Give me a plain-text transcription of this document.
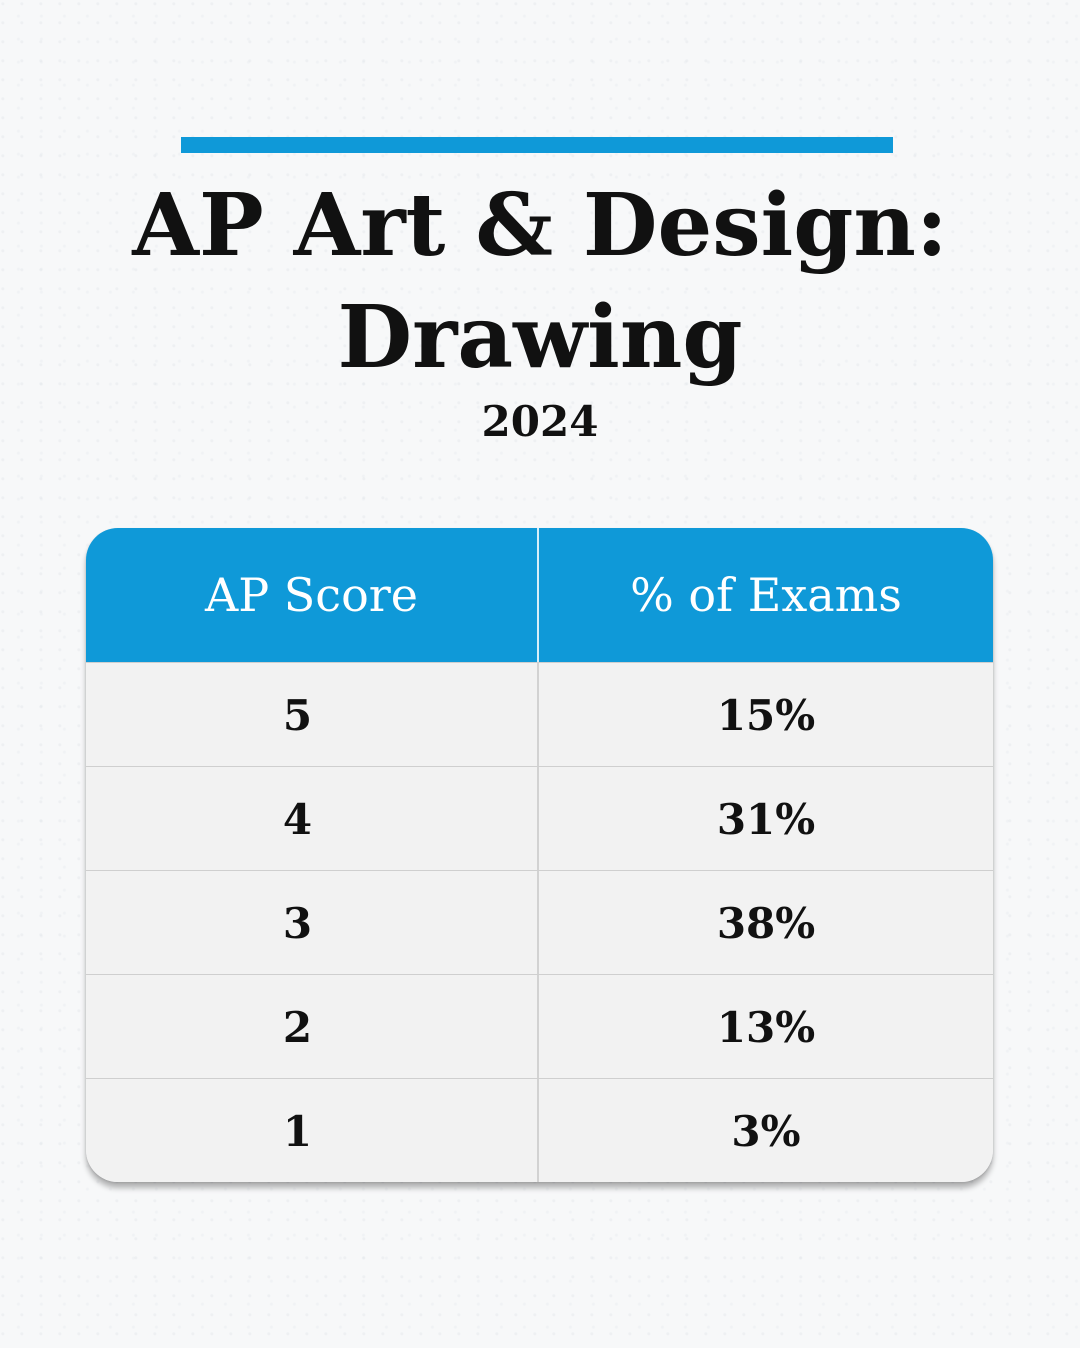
AP Art & Design:
Drawing
2024
AP Score	% of Exams
5	15%
4	31%
3	38%
2	13%
1	3%
